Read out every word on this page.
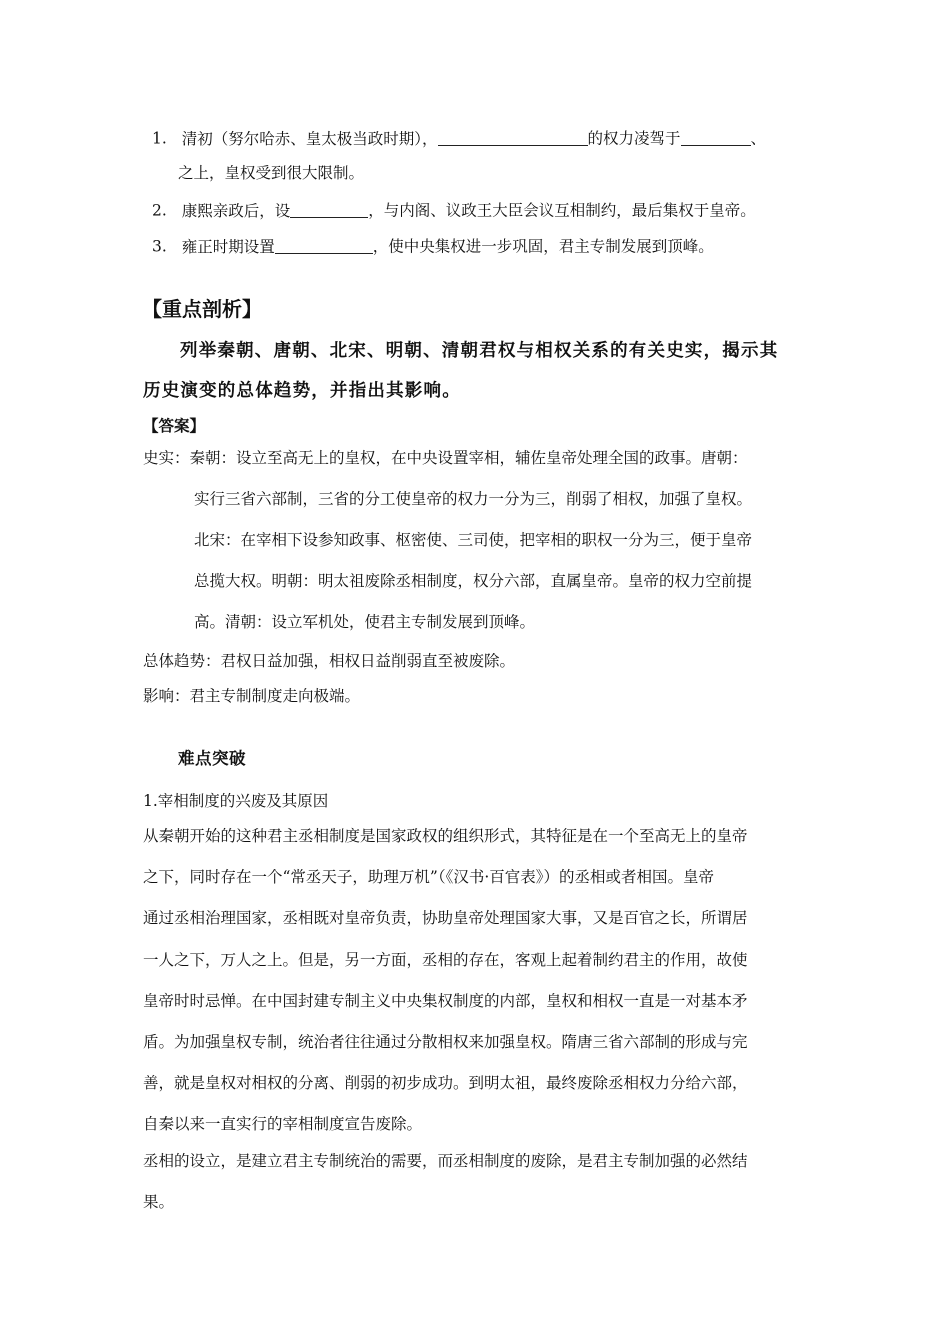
1. 清初（努尔哈赤、皇太极当政时期），	的权力凌驾于	、
之上，皇权受到很大限制。
2. 康熙亲政后，设	，与内阁、议政王大臣会议互相制约，最后集权于皇帝。
3. 雍正时期设置	，使中央集权进一步巩固，君主专制发展到顶峰。
【重点剖析】
列举秦朝、唐朝、北宋、明朝、清朝君权与相权关系的有关史实，揭示其
历史演变的总体趋势，并指出其影响。
【答案】
史实：秦朝：设立至高无上的皇权，在中央设置宰相，辅佐皇帝处理全国的政事。唐朝：
实行三省六部制，三省的分工使皇帝的权力一分为三，削弱了相权，加强了皇权。
北宋：在宰相下设参知政事、枢密使、三司使，把宰相的职权一分为三，便于皇帝
总揽大权。明朝：明太祖废除丞相制度，权分六部，直属皇帝。皇帝的权力空前提
高。清朝：设立军机处，使君主专制发展到顶峰。
总体趋势：君权日益加强，相权日益削弱直至被废除。
影响：君主专制制度走向极端。
难点突破
1.宰相制度的兴废及其原因
从秦朝开始的这种君主丞相制度是国家政权的组织形式，其特征是在一个至高无上的皇帝
之下，同时存在一个“常丞天子，助理万机”（《汉书·百官表》）的丞相或者相国。皇帝
通过丞相治理国家，丞相既对皇帝负责，协助皇帝处理国家大事，又是百官之长，所谓居
一人之下，万人之上。但是，另一方面，丞相的存在，客观上起着制约君主的作用，故使
皇帝时时忌惮。在中国封建专制主义中央集权制度的内部，皇权和相权一直是一对基本矛
盾。为加强皇权专制，统治者往往通过分散相权来加强皇权。隋唐三省六部制的形成与完
善，就是皇权对相权的分离、削弱的初步成功。到明太祖，最终废除丞相权力分给六部，
自秦以来一直实行的宰相制度宣告废除。
丞相的设立，是建立君主专制统治的需要，而丞相制度的废除，是君主专制加强的必然结
果。
